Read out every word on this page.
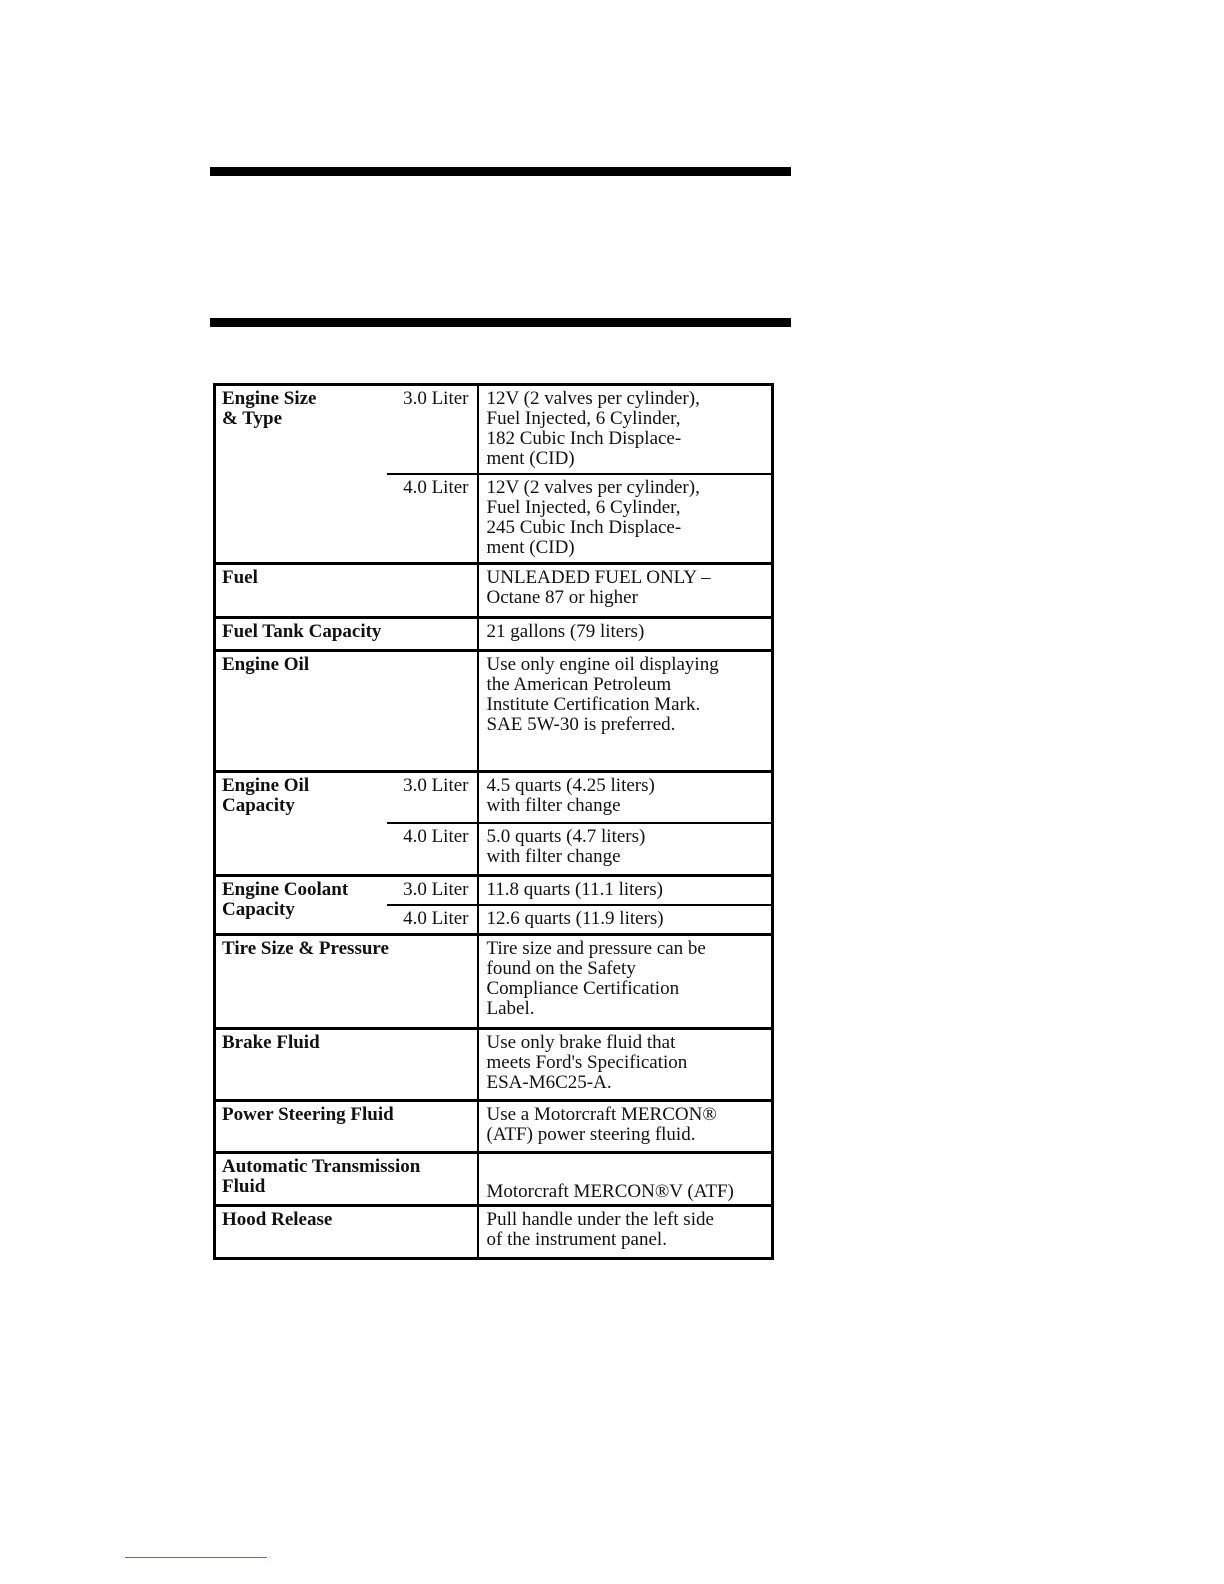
Engine Size
& Type	3.0 Liter	12V (2 valves per cylinder),
Fuel Injected, 6 Cylinder,
182 Cubic Inch Displace-
ment (CID)

	4.0 Liter	12V (2 valves per cylinder),
Fuel Injected, 6 Cylinder,
245 Cubic Inch Displace-
ment (CID)

Fuel		UNLEADED FUEL ONLY –
Octane 87 or higher

Fuel Tank Capacity		21 gallons (79 liters)

Engine Oil		Use only engine oil displaying
the American Petroleum
Institute Certification Mark.
SAE 5W-30 is preferred.

Engine Oil
Capacity	3.0 Liter	4.5 quarts (4.25 liters)
with filter change

	4.0 Liter	5.0 quarts (4.7 liters)
with filter change

Engine Coolant
Capacity	3.0 Liter	11.8 quarts (11.1 liters)

	4.0 Liter	12.6 quarts (11.9 liters)

Tire Size & Pressure		Tire size and pressure can be
found on the Safety
Compliance Certification
Label.

Brake Fluid		Use only brake fluid that
meets Ford's Specification
ESA-M6C25-A.

Power Steering Fluid		Use a Motorcraft MERCON®
(ATF) power steering fluid.

Automatic Transmission
Fluid		Motorcraft MERCON®V (ATF)

Hood Release		Pull handle under the left side
of the instrument panel.
